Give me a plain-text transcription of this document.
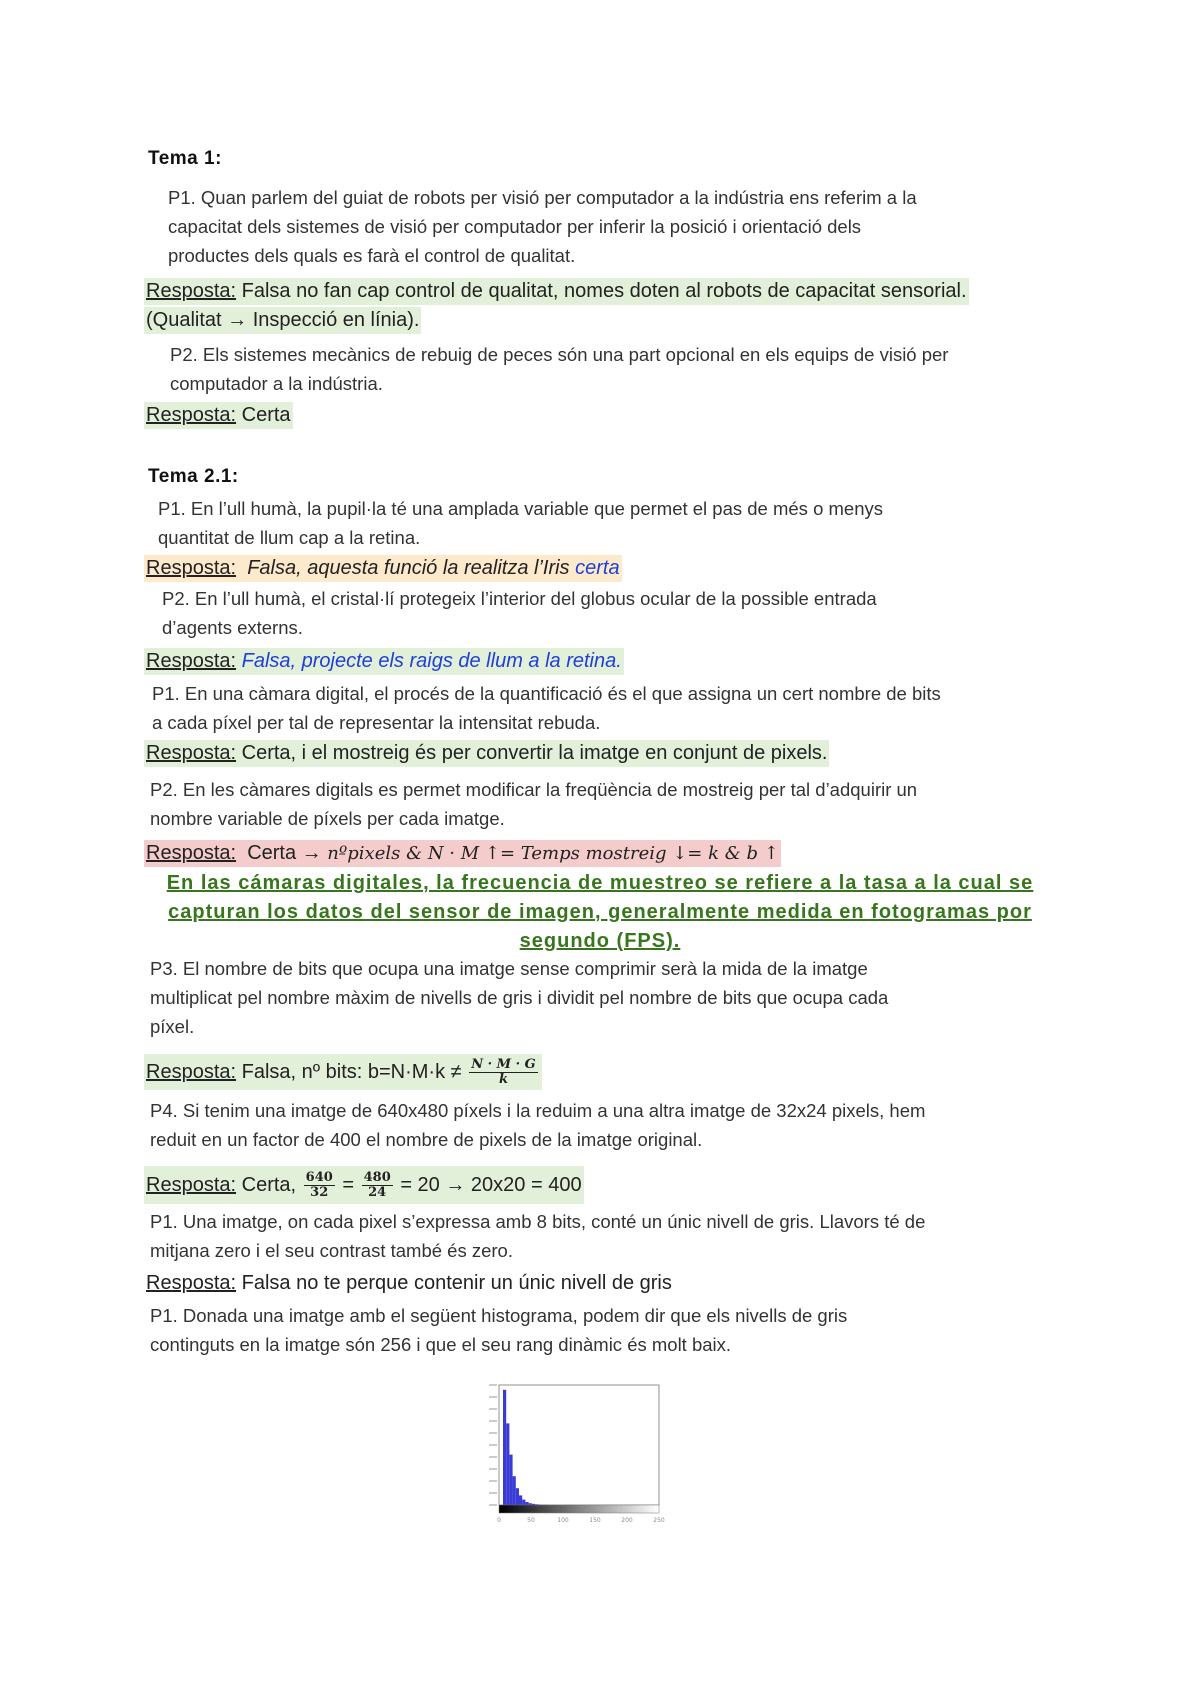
Tema 1:
P1. Quan parlem del guiat de robots per visió per computador a la indústria ens referim a la
capacitat dels sistemes de visió per computador per inferir la posició i orientació dels
productes dels quals es farà el control de qualitat.
Resposta: Falsa no fan cap control de qualitat, nomes doten al robots de capacitat sensorial.
(Qualitat → Inspecció en línia).
P2. Els sistemes mecànics de rebuig de peces són una part opcional en els equips de visió per
computador a la indústria.
Resposta: Certa
Tema 2.1:
P1. En l’ull humà, la pupil·la té una amplada variable que permet el pas de més o menys
quantitat de llum cap a la retina.
Resposta: Falsa, aquesta funció la realitza l’Iris certa
P2. En l’ull humà, el cristal·lí protegeix l’interior del globus ocular de la possible entrada
d’agents externs.
Resposta: Falsa, projecte els raigs de llum a la retina.
P1. En una càmara digital, el procés de la quantificació és el que assigna un cert nombre de bits
a cada píxel per tal de representar la intensitat rebuda.
Resposta: Certa, i el mostreig és per convertir la imatge en conjunt de pixels.
P2. En les càmares digitals es permet modificar la freqüència de mostreig per tal d’adquirir un
nombre variable de píxels per cada imatge.
Resposta: Certa → nºpixels & N · M ↑= Temps mostreig ↓= k & b ↑
En las cámaras digitales, la frecuencia de muestreo se refiere a la tasa a la cual se capturan los datos del sensor de imagen, generalmente medida en fotogramas por segundo (FPS).
P3. El nombre de bits que ocupa una imatge sense comprimir serà la mida de la imatge
multiplicat pel nombre màxim de nivells de gris i dividit pel nombre de bits que ocupa cada
píxel.
Resposta: Falsa, nº bits: $b=N\cdot M\cdot k \ne \frac{N \cdot M \cdot G}{k}$
P4. Si tenim una imatge de 640x480 píxels i la reduim a una altra imatge de 32x24 pixels, hem
reduit en un factor de 400 el nombre de pixels de la imatge original.
Resposta: Certa, $\frac{640}{32} = \frac{480}{24} = 20 \to 20x20 = 400$
P1. Una imatge, on cada pixel s’expressa amb 8 bits, conté un únic nivell de gris. Llavors té de
mitjana zero i el seu contrast també és zero.
Resposta: Falsa no te perque contenir un únic nivell de gris
P1. Donada una imatge amb el següent histograma, podem dir que els nivells de gris
continguts en la imatge són 256 i que el seu rang dinàmic és molt baix.
0	50	100	150	200	250
